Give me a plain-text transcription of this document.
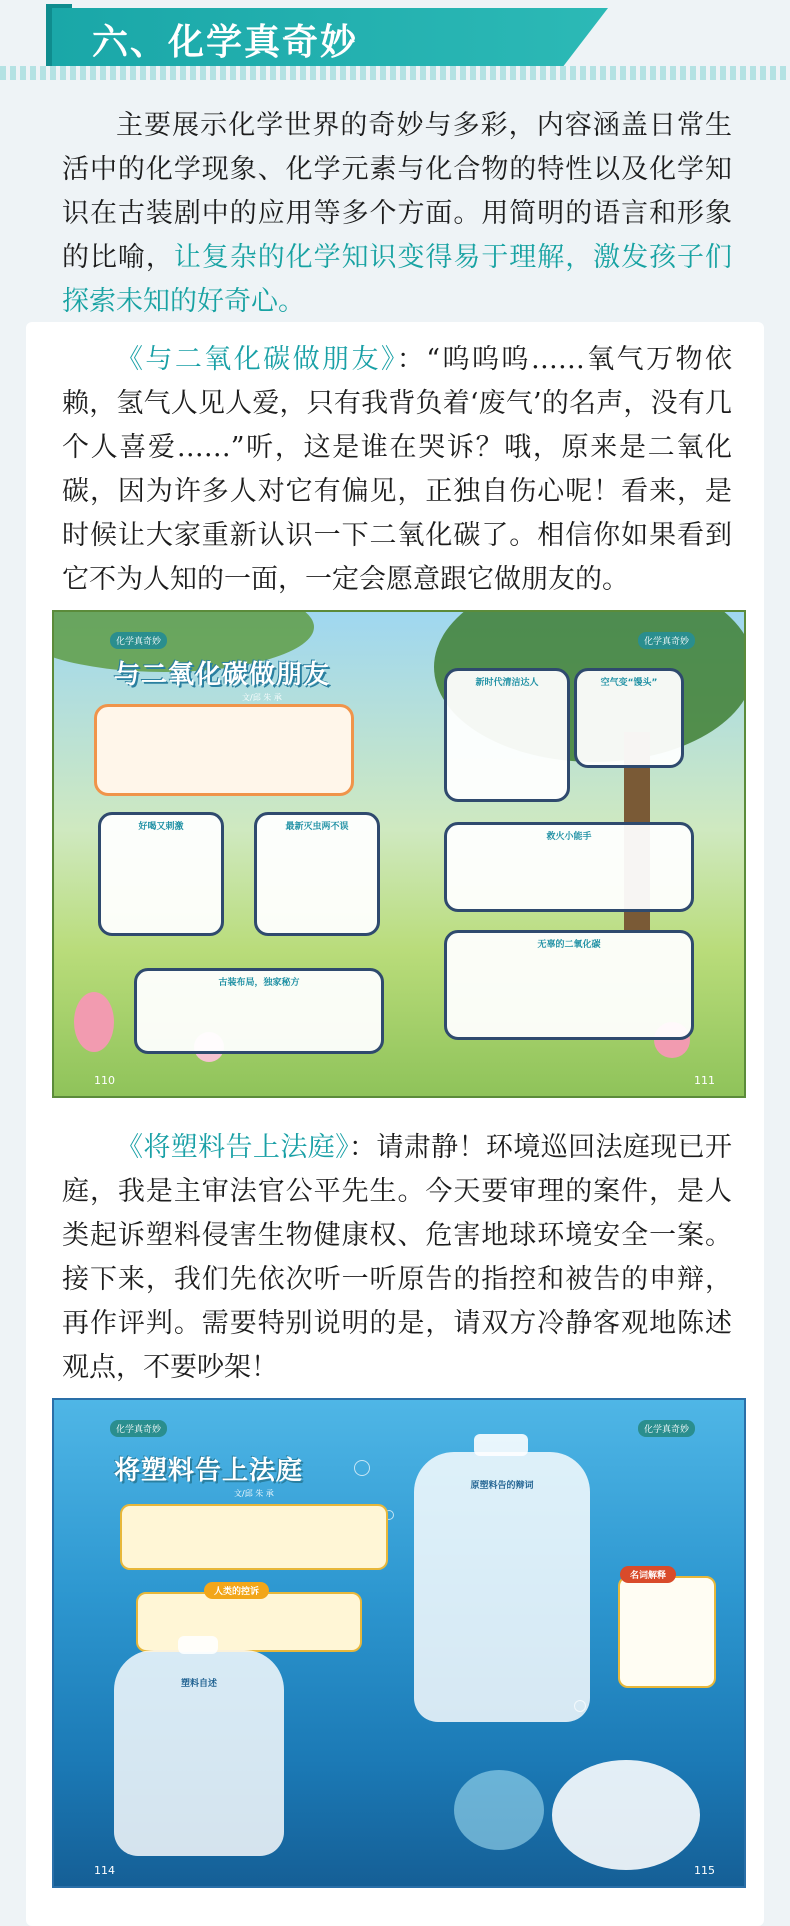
六、化学真奇妙
主要展示化学世界的奇妙与多彩，内容涵盖日常生活中的化学现象、化学元素与化合物的特性以及化学知识在古装剧中的应用等多个方面。用简明的语言和形象的比喻，让复杂的化学知识变得易于理解，激发孩子们探索未知的好奇心。
《与二氧化碳做朋友》：“呜呜呜……氧气万物依赖，氢气人见人爱，只有我背负着‘废气’的名声，没有几个人喜爱……”听，这是谁在哭诉？哦，原来是二氧化碳，因为许多人对它有偏见，正独自伤心呢！看来，是时候让大家重新认识一下二氧化碳了。相信你如果看到它不为人知的一面，一定会愿意跟它做朋友的。
化学真奇妙	化学真奇妙
与二氧化碳做朋友
文/邱 朱 承
新时代清洁达人	空气变“馒头”
好喝又刺激	最新灭虫两不误
救火小能手
古装布局，独家秘方
无辜的二氧化碳
110	111
《将塑料告上法庭》：请肃静！环境巡回法庭现已开庭，我是主审法官公平先生。今天要审理的案件，是人类起诉塑料侵害生物健康权、危害地球环境安全一案。接下来，我们先依次听一听原告的指控和被告的申辩，再作评判。需要特别说明的是，请双方冷静客观地陈述观点，不要吵架！
化学真奇妙	化学真奇妙
将塑料告上法庭
文/邱 朱 承
人类的控诉
原塑料告的辩词
塑料自述
名词解释
114	115
